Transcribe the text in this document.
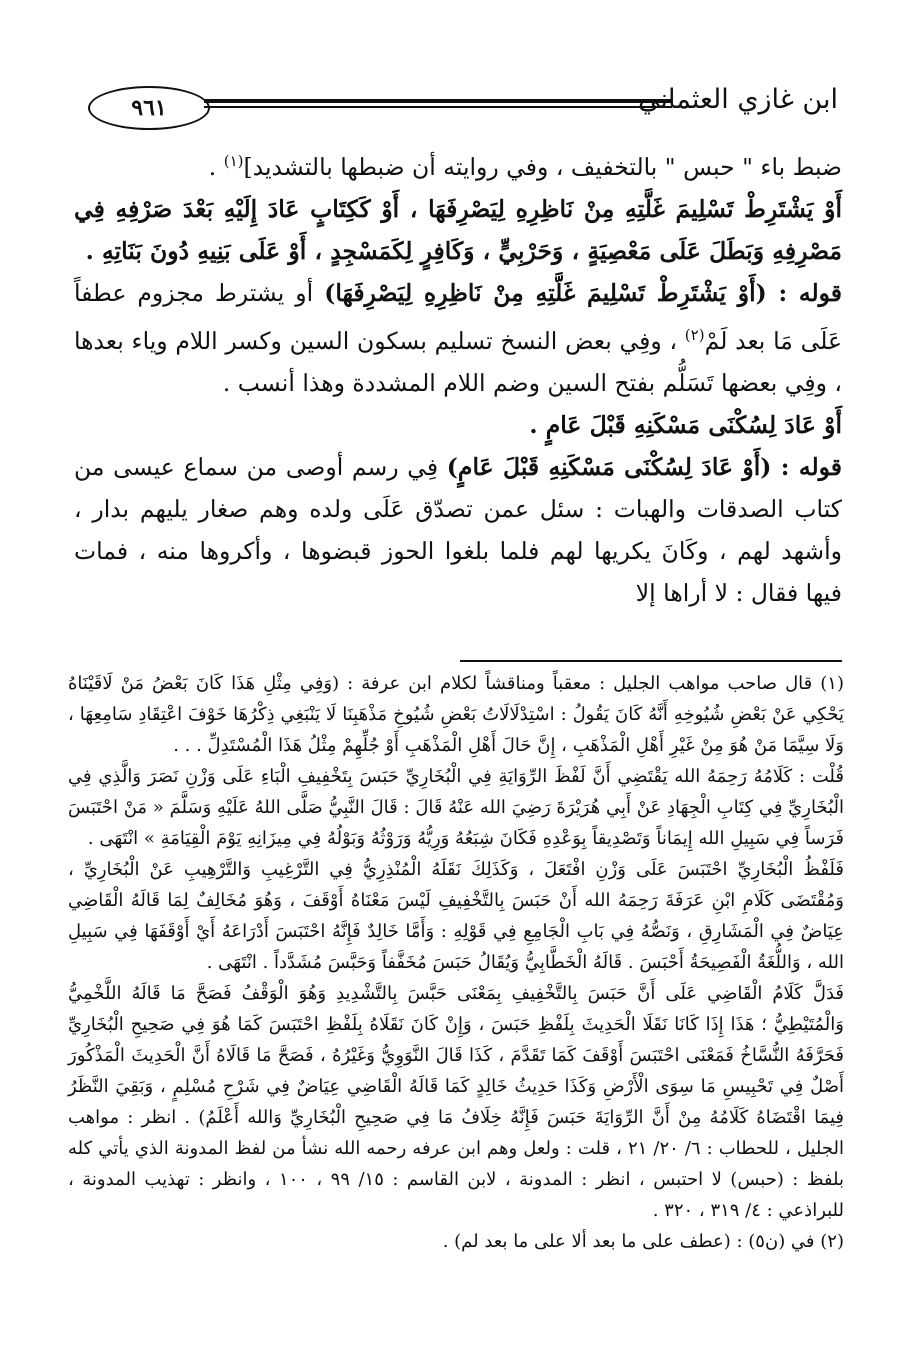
٩٦١	ابن غازي العثماني

ضبط باء " حبس " بالتخفيف ، وفي روايته أن ضبطها بالتشديد]$^{(١)}$ .

أَوْ يَشْتَرِطْ تَسْلِيمَ غَلَّتِهِ مِنْ نَاظِرِهِ لِيَصْرِفَهَا ، أَوْ كَكِتَابٍ عَادَ إِلَيْهِ بَعْدَ صَرْفِهِ فِي مَصْرِفِهِ وَبَطَلَ عَلَى مَعْصِيَةٍ ، وَحَرْبِيٍّ ، وَكَافِرٍ لِكَمَسْجِدٍ ، أَوْ عَلَى بَنِيهِ دُونَ بَنَاتِهِ .

قوله : (أَوْ يَشْتَرِطْ تَسْلِيمَ غَلَّتِهِ مِنْ نَاظِرِهِ لِيَصْرِفَهَا) أو يشترط مجزوم عطفاً عَلَى مَا بعد لَمْ$^{(٢)}$ ، وفِي بعض النسخ تسليم بسكون السين وكسر اللام وياء بعدها ، وفِي بعضها تَسَلُّم بفتح السين وضم اللام المشددة وهذا أنسب .

أَوْ عَادَ لِسُكْنَى مَسْكَنِهِ قَبْلَ عَامٍ .

قوله : (أَوْ عَادَ لِسُكْنَى مَسْكَنِهِ قَبْلَ عَامٍ) فِي رسم أوصى من سماع عيسى من كتاب الصدقات والهبات : سئل عمن تصدّق عَلَى ولده وهم صغار يليهم بدار ، وأشهد لهم ، وكَانَ يكريها لهم فلما بلغوا الحوز قبضوها ، وأكروها منه ، فمات فيها فقال : لا أراها إلا

(١) قال صاحب مواهب الجليل : معقباً ومناقشاً لكلام ابن عرفة : (وَفِي مِثْلِ هَذَا كَانَ بَعْضُ مَنْ لَاقَيْنَاهُ يَحْكِي عَنْ بَعْضِ شُيُوخِهِ أَنَّهُ كَانَ يَقُولُ : اسْتِدْلَالَاتُ بَعْضِ شُيُوخِ مَذْهَبِنَا لَا يَنْبَغِي ذِكْرُهَا خَوْفَ اعْتِقَادِ سَامِعِهَا ، وَلَا سِيَّمَا مَنْ هُوَ مِنْ غَيْرِ أَهْلِ الْمَذْهَبِ ، إِنَّ حَالَ أَهْلِ الْمَذْهَبِ أَوْ جُلِّهِمْ مِثْلُ هَذَا الْمُسْتَدِلِّ . . .

قُلْت : كَلَامُهُ رَحِمَهُ الله يَقْتَضِي أَنَّ لَفْظَ الرِّوَايَةِ فِي الْبُخَارِيِّ حَبَسَ بِتَخْفِيفِ الْبَاءِ عَلَى وَزْنِ نَصَرَ وَالَّذِي فِي الْبُخَارِيِّ فِي كِتَابِ الْجِهَادِ عَنْ أَبِي هُرَيْرَةَ رَضِيَ الله عَنْهُ قَالَ : قَالَ النَّبِيُّ صَلَّى اللهُ عَلَيْهِ وَسَلَّمَ « مَنْ احْتَبَسَ فَرَساً فِي سَبِيلِ الله إِيمَاناً وَتَصْدِيقاً بِوَعْدِهِ فَكَانَ شِبَعُهُ وَرِيُّهُ وَرَوْثُهُ وَبَوْلُهُ فِي مِيزَانِهِ يَوْمَ الْقِيَامَةِ » انْتَهَى .

فَلَفْظُ الْبُخَارِيِّ احْتَبَسَ عَلَى وَزْنِ افْتَعَلَ ، وَكَذَلِكَ نَقَلَهُ الْمُنْذِرِيُّ فِي التَّرْغِيبِ وَالتَّرْهِيبِ عَنْ الْبُخَارِيِّ ، وَمُقْتَضَى كَلَامِ ابْنِ عَرَفَةَ رَحِمَهُ الله أَنْ حَبَسَ بِالتَّخْفِيفِ لَيْسَ مَعْنَاهُ أَوْقَفَ ، وَهُوَ مُخَالِفٌ لِمَا قَالَهُ الْقَاضِي عِيَاضٌ فِي الْمَشَارِقِ ، وَنَصُّهُ فِي بَابِ الْجَامِعِ فِي قَوْلِهِ : وَأَمَّا خَالِدٌ فَإِنَّهُ احْتَبَسَ أَدْرَاعَهُ أَيْ أَوْقَفَهَا فِي سَبِيلِ الله ، وَاللُّغَةُ الْفَصِيحَةُ أَحْبَسَ . قَالَهُ الْخَطَّابِيُّ وَيُقَالُ حَبَسَ مُخَفَّفاً وَحَبَّسَ مُشَدَّداً . انْتَهَى .

فَدَلَّ كَلَامُ الْقَاضِي عَلَى أَنَّ حَبَسَ بِالتَّخْفِيفِ بِمَعْنَى حَبَّسَ بِالتَّشْدِيدِ وَهُوَ الْوَقْفُ فَصَحَّ مَا قَالَهُ اللَّخْمِيُّ وَالْمُتَيْطِيُّ ؛ هَذَا إِذَا كَانَا نَقَلَا الْحَدِيثَ بِلَفْظِ حَبَسَ ، وَإِنْ كَانَ نَقَلَاهُ بِلَفْظِ احْتَبَسَ كَمَا هُوَ فِي صَحِيحِ الْبُخَارِيِّ فَحَرَّفَهُ النُّسَّاخُ فَمَعْنَى احْتَبَسَ أَوْقَفَ كَمَا تَقَدَّمَ ، كَذَا قَالَ النَّوَوِيُّ وَغَيْرُهُ ، فَصَحَّ مَا قَالَاهُ أَنَّ الْحَدِيثَ الْمَذْكُورَ أَصْلٌ فِي تَحْبِيسِ مَا سِوَى الْأَرْضِ وَكَذَا حَدِيثُ خَالِدٍ كَمَا قَالَهُ الْقَاضِي عِيَاضٌ فِي شَرْحِ مُسْلِمٍ ، وَبَقِيَ النَّظَرُ فِيمَا اقْتَضَاهُ كَلَامُهُ مِنْ أَنَّ الرِّوَايَةَ حَبَسَ فَإِنَّهُ خِلَافُ مَا فِي صَحِيحِ الْبُخَارِيِّ وَالله أَعْلَمُ) . انظر : مواهب الجليل ، للحطاب : ٦/ ٢٠/ ٢١ ، قلت : ولعل وهم ابن عرفه رحمه الله نشأ من لفظ المدونة الذي يأتي كله بلفظ : (حبس) لا احتبس ، انظر : المدونة ، لابن القاسم : ١٥/ ٩٩ ، ١٠٠ ، وانظر : تهذيب المدونة ، للبراذعي : ٤/ ٣١٩ ، ٣٢٠ .

(٢) في (ن٥) : (عطف على ما بعد ألا على ما بعد لم) .
